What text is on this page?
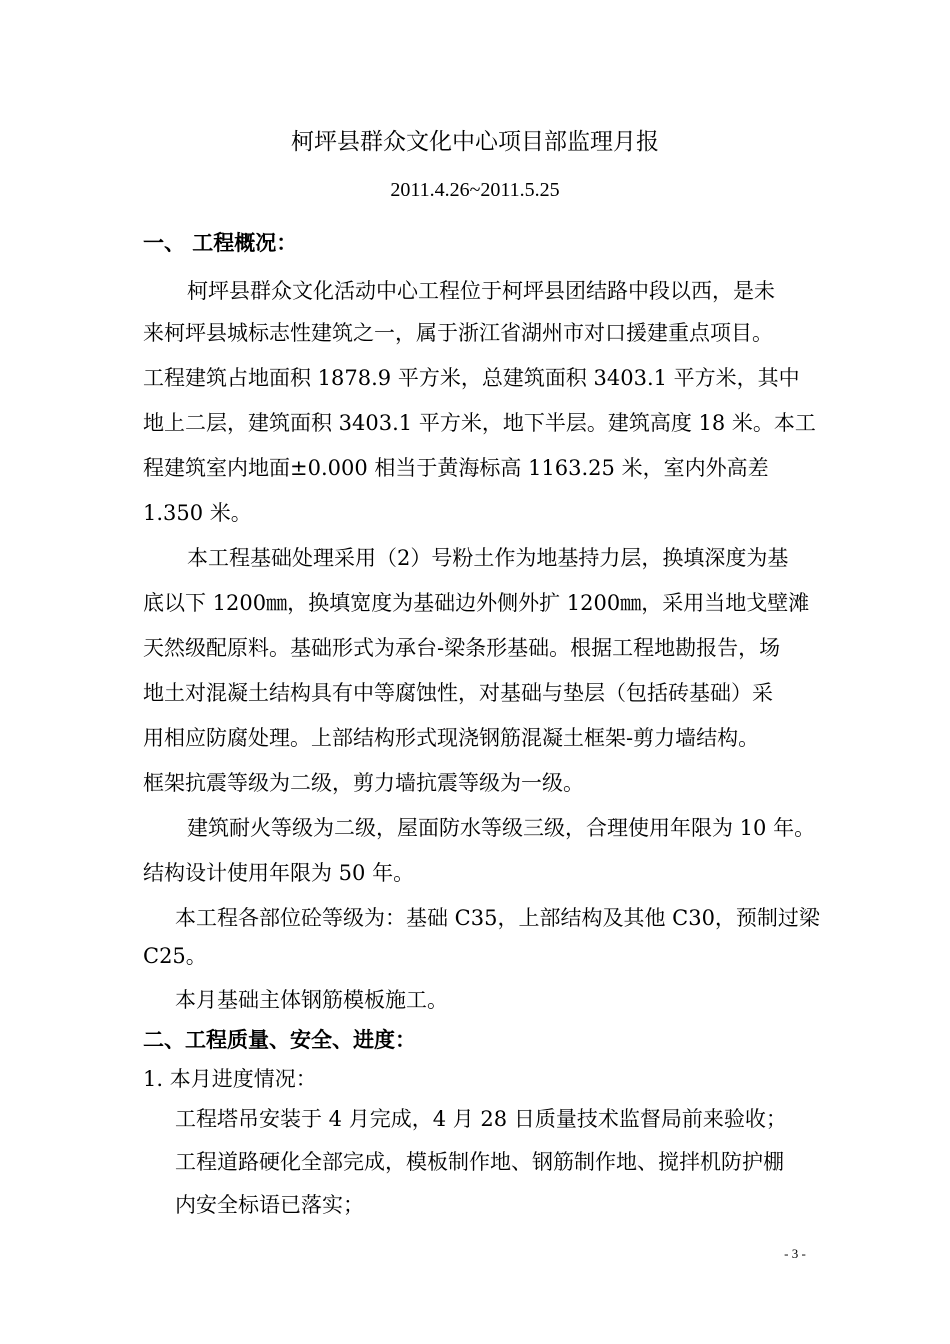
柯坪县群众文化中心项目部监理月报
2011.4.26~2011.5.25
一、 工程概况：
柯坪县群众文化活动中心工程位于柯坪县团结路中段以西，是未
来柯坪县城标志性建筑之一，属于浙江省湖州市对口援建重点项目。
工程建筑占地面积 1878.9 平方米，总建筑面积 3403.1 平方米，其中
地上二层，建筑面积 3403.1 平方米，地下半层。建筑高度 18 米。本工
程建筑室内地面±0.000 相当于黄海标高 1163.25 米，室内外高差
1.350 米。
本工程基础处理采用（2）号粉土作为地基持力层，换填深度为基
底以下 1200㎜，换填宽度为基础边外侧外扩 1200㎜，采用当地戈壁滩
天然级配原料。基础形式为承台-梁条形基础。根据工程地勘报告，场
地土对混凝土结构具有中等腐蚀性，对基础与垫层（包括砖基础）采
用相应防腐处理。上部结构形式现浇钢筋混凝土框架-剪力墙结构。
框架抗震等级为二级，剪力墙抗震等级为一级。
建筑耐火等级为二级，屋面防水等级三级，合理使用年限为 10 年。
结构设计使用年限为 50 年。
本工程各部位砼等级为：基础 C35，上部结构及其他 C30，预制过梁
C25。
本月基础主体钢筋模板施工。
二、工程质量、安全、进度：
1. 本月进度情况：
工程塔吊安装于 4 月完成，4 月 28 日质量技术监督局前来验收；
工程道路硬化全部完成，模板制作地、钢筋制作地、搅拌机防护棚
内安全标语已落实；
- 3 -
